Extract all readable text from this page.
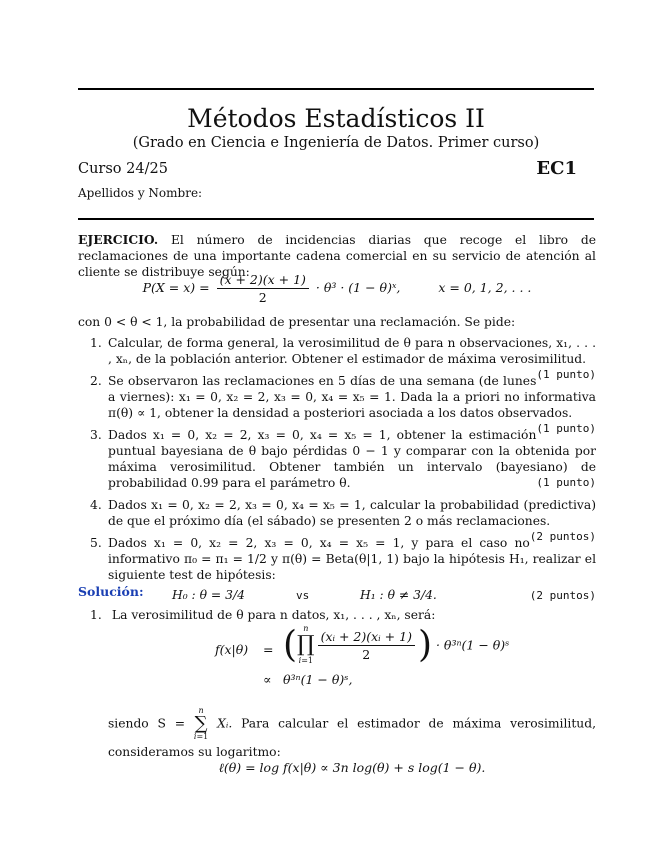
Métodos Estadísticos II
(Grado en Ciencia e Ingeniería de Datos. Primer curso)
Curso 24/25	EC1
Apellidos y Nombre:
EJERCICIO. El número de incidencias diarias que recoge el libro de reclamaciones de una importante cadena comercial en su servicio de atención al cliente se distribuye según:
$P(X = x) = \frac{(x + 2)(x + 1)}{2} \cdot \theta^3 \cdot (1$ − θ)ˣ,	x = 0, 1, 2, . . .
con 0 < θ < 1, la probabilidad de presentar una reclamación. Se pide:
1. Calcular, de forma general, la verosimilitud de θ para n observaciones, x₁, . . . , xₙ, de la población anterior. Obtener el estimador de máxima verosimilitud.
(1 punto)
2. Se observaron las reclamaciones en 5 días de una semana (de lunes a viernes): x₁ = 0, x₂ = 2, x₃ = 0, x₄ = x₅ = 1. Dada la a priori no informativa π(θ) ∝ 1, obtener la densidad a posteriori asociada a los datos observados.
(1 punto)
3. Dados x₁ = 0, x₂ = 2, x₃ = 0, x₄ = x₅ = 1, obtener la estimación puntual bayesiana de θ bajo pérdidas 0 − 1 y comparar con la obtenida por máxima verosimilitud. Obtener también un intervalo (bayesiano) de probabilidad 0.99 para el parámetro θ.	(1 punto)
4. Dados x₁ = 0, x₂ = 2, x₃ = 0, x₄ = x₅ = 1, calcular la probabilidad (predictiva) de que el próximo día (el sábado) se presenten 2 o más reclamaciones.
(2 puntos)
5. Dados x₁ = 0, x₂ = 2, x₃ = 0, x₄ = x₅ = 1, y para el caso no informativo π₀ = π₁ = 1/2 y π(θ) = Beta(θ|1, 1) bajo la hipótesis H₁, realizar el siguiente test de hipótesis:
H₀ : θ = 3/4	vs	H₁ : θ ≠ 3/4.	(2 puntos)
Solución:
1. La verosimilitud de θ para n datos, x₁, . . . , xₙ, será:
f(x|θ) = ( n
∏
$i=1 \frac{\text{(xᵢ + 2)(xᵢ + 1)}}{2}$ ) · θ³ⁿ(1 − θ)ˢ
∝ θ³ⁿ(1 − θ)ˢ,
siendo S =
n
∑
i=1
Xᵢ. Para calcular el estimador de máxima verosimilitud, consideramos su logaritmo:
ℓ(θ) = log f(x|θ) ∝ 3n log(θ) + s log(1 − θ).
